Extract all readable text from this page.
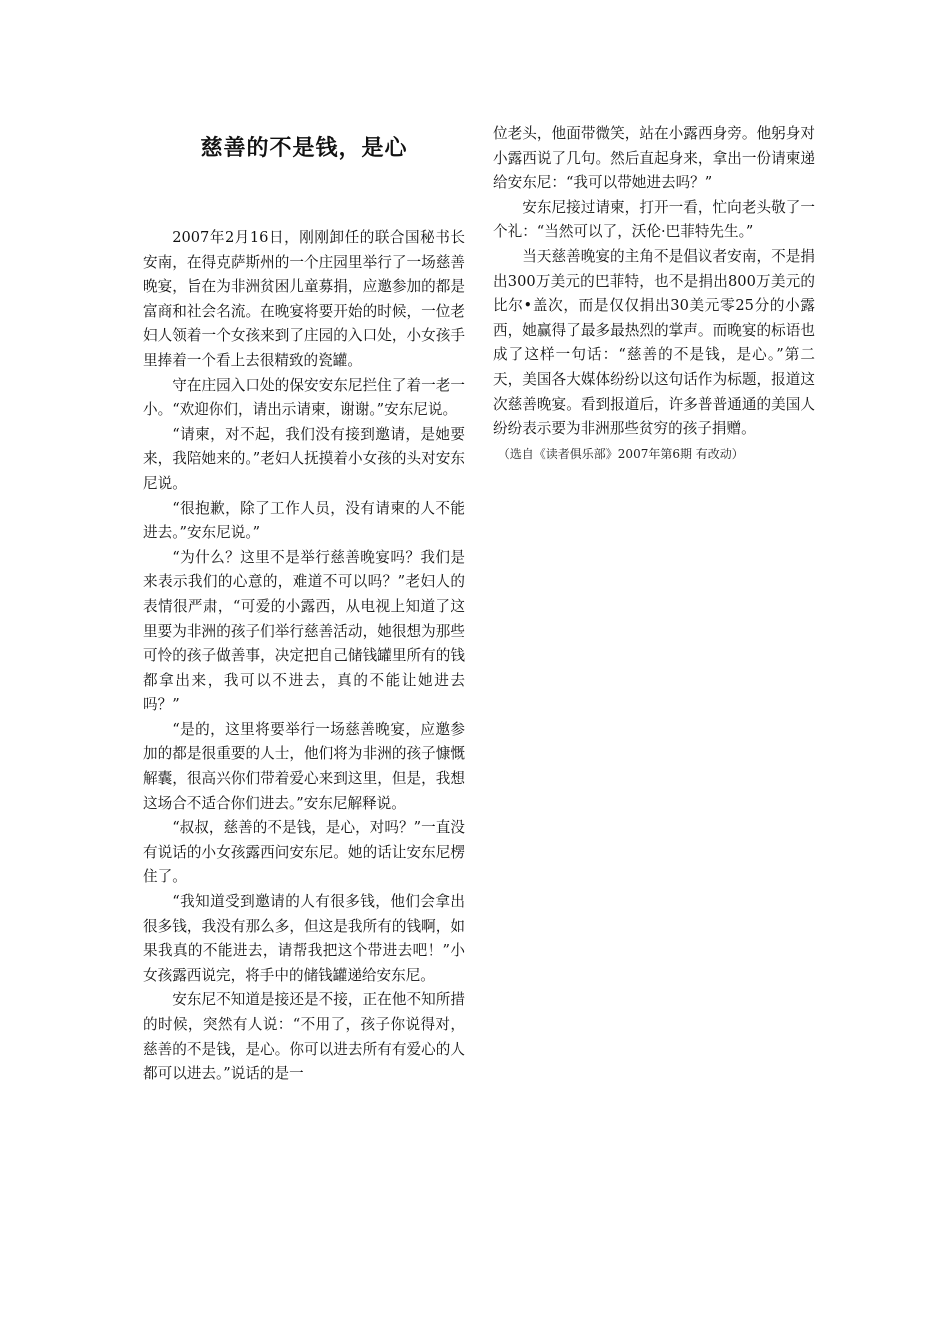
慈善的不是钱，是心

2007年2月16日，刚刚卸任的联合国秘书长安南，在得克萨斯州的一个庄园里举行了一场慈善晚宴，旨在为非洲贫困儿童募捐，应邀参加的都是富商和社会名流。在晚宴将要开始的时候，一位老妇人领着一个女孩来到了庄园的入口处，小女孩手里捧着一个看上去很精致的瓷罐。

守在庄园入口处的保安安东尼拦住了着一老一小。“欢迎你们，请出示请柬，谢谢。”安东尼说。

“请柬，对不起，我们没有接到邀请，是她要来，我陪她来的。”老妇人抚摸着小女孩的头对安东尼说。

“很抱歉，除了工作人员，没有请柬的人不能进去。”安东尼说。”

“为什么？这里不是举行慈善晚宴吗？我们是来表示我们的心意的，难道不可以吗？”老妇人的表情很严肃，“可爱的小露西，从电视上知道了这里要为非洲的孩子们举行慈善活动，她很想为那些可怜的孩子做善事，决定把自己储钱罐里所有的钱都拿出来，我可以不进去，真的不能让她进去吗？”

“是的，这里将要举行一场慈善晚宴，应邀参加的都是很重要的人士，他们将为非洲的孩子慷慨解囊，很高兴你们带着爱心来到这里，但是，我想这场合不适合你们进去。”安东尼解释说。

“叔叔，慈善的不是钱，是心，对吗？”一直没有说话的小女孩露西问安东尼。她的话让安东尼楞住了。

“我知道受到邀请的人有很多钱，他们会拿出很多钱，我没有那么多，但这是我所有的钱啊，如果我真的不能进去，请帮我把这个带进去吧！”小女孩露西说完，将手中的储钱罐递给安东尼。

安东尼不知道是接还是不接，正在他不知所措的时候，突然有人说：“不用了，孩子你说得对，慈善的不是钱，是心。你可以进去所有有爱心的人都可以进去。”说话的是一

位老头，他面带微笑，站在小露西身旁。他躬身对小露西说了几句。然后直起身来，拿出一份请柬递给安东尼：“我可以带她进去吗？”

安东尼接过请柬，打开一看，忙向老头敬了一个礼：“当然可以了，沃伦·巴菲特先生。”

当天慈善晚宴的主角不是倡议者安南，不是捐出300万美元的巴菲特，也不是捐出800万美元的比尔•盖次，而是仅仅捐出30美元零25分的小露西，她赢得了最多最热烈的掌声。而晚宴的标语也成了这样一句话：“慈善的不是钱，是心。”第二天，美国各大媒体纷纷以这句话作为标题，报道这次慈善晚宴。看到报道后，许多普普通通的美国人纷纷表示要为非洲那些贫穷的孩子捐赠。

（选自《读者俱乐部》2007年第6期 有改动）
